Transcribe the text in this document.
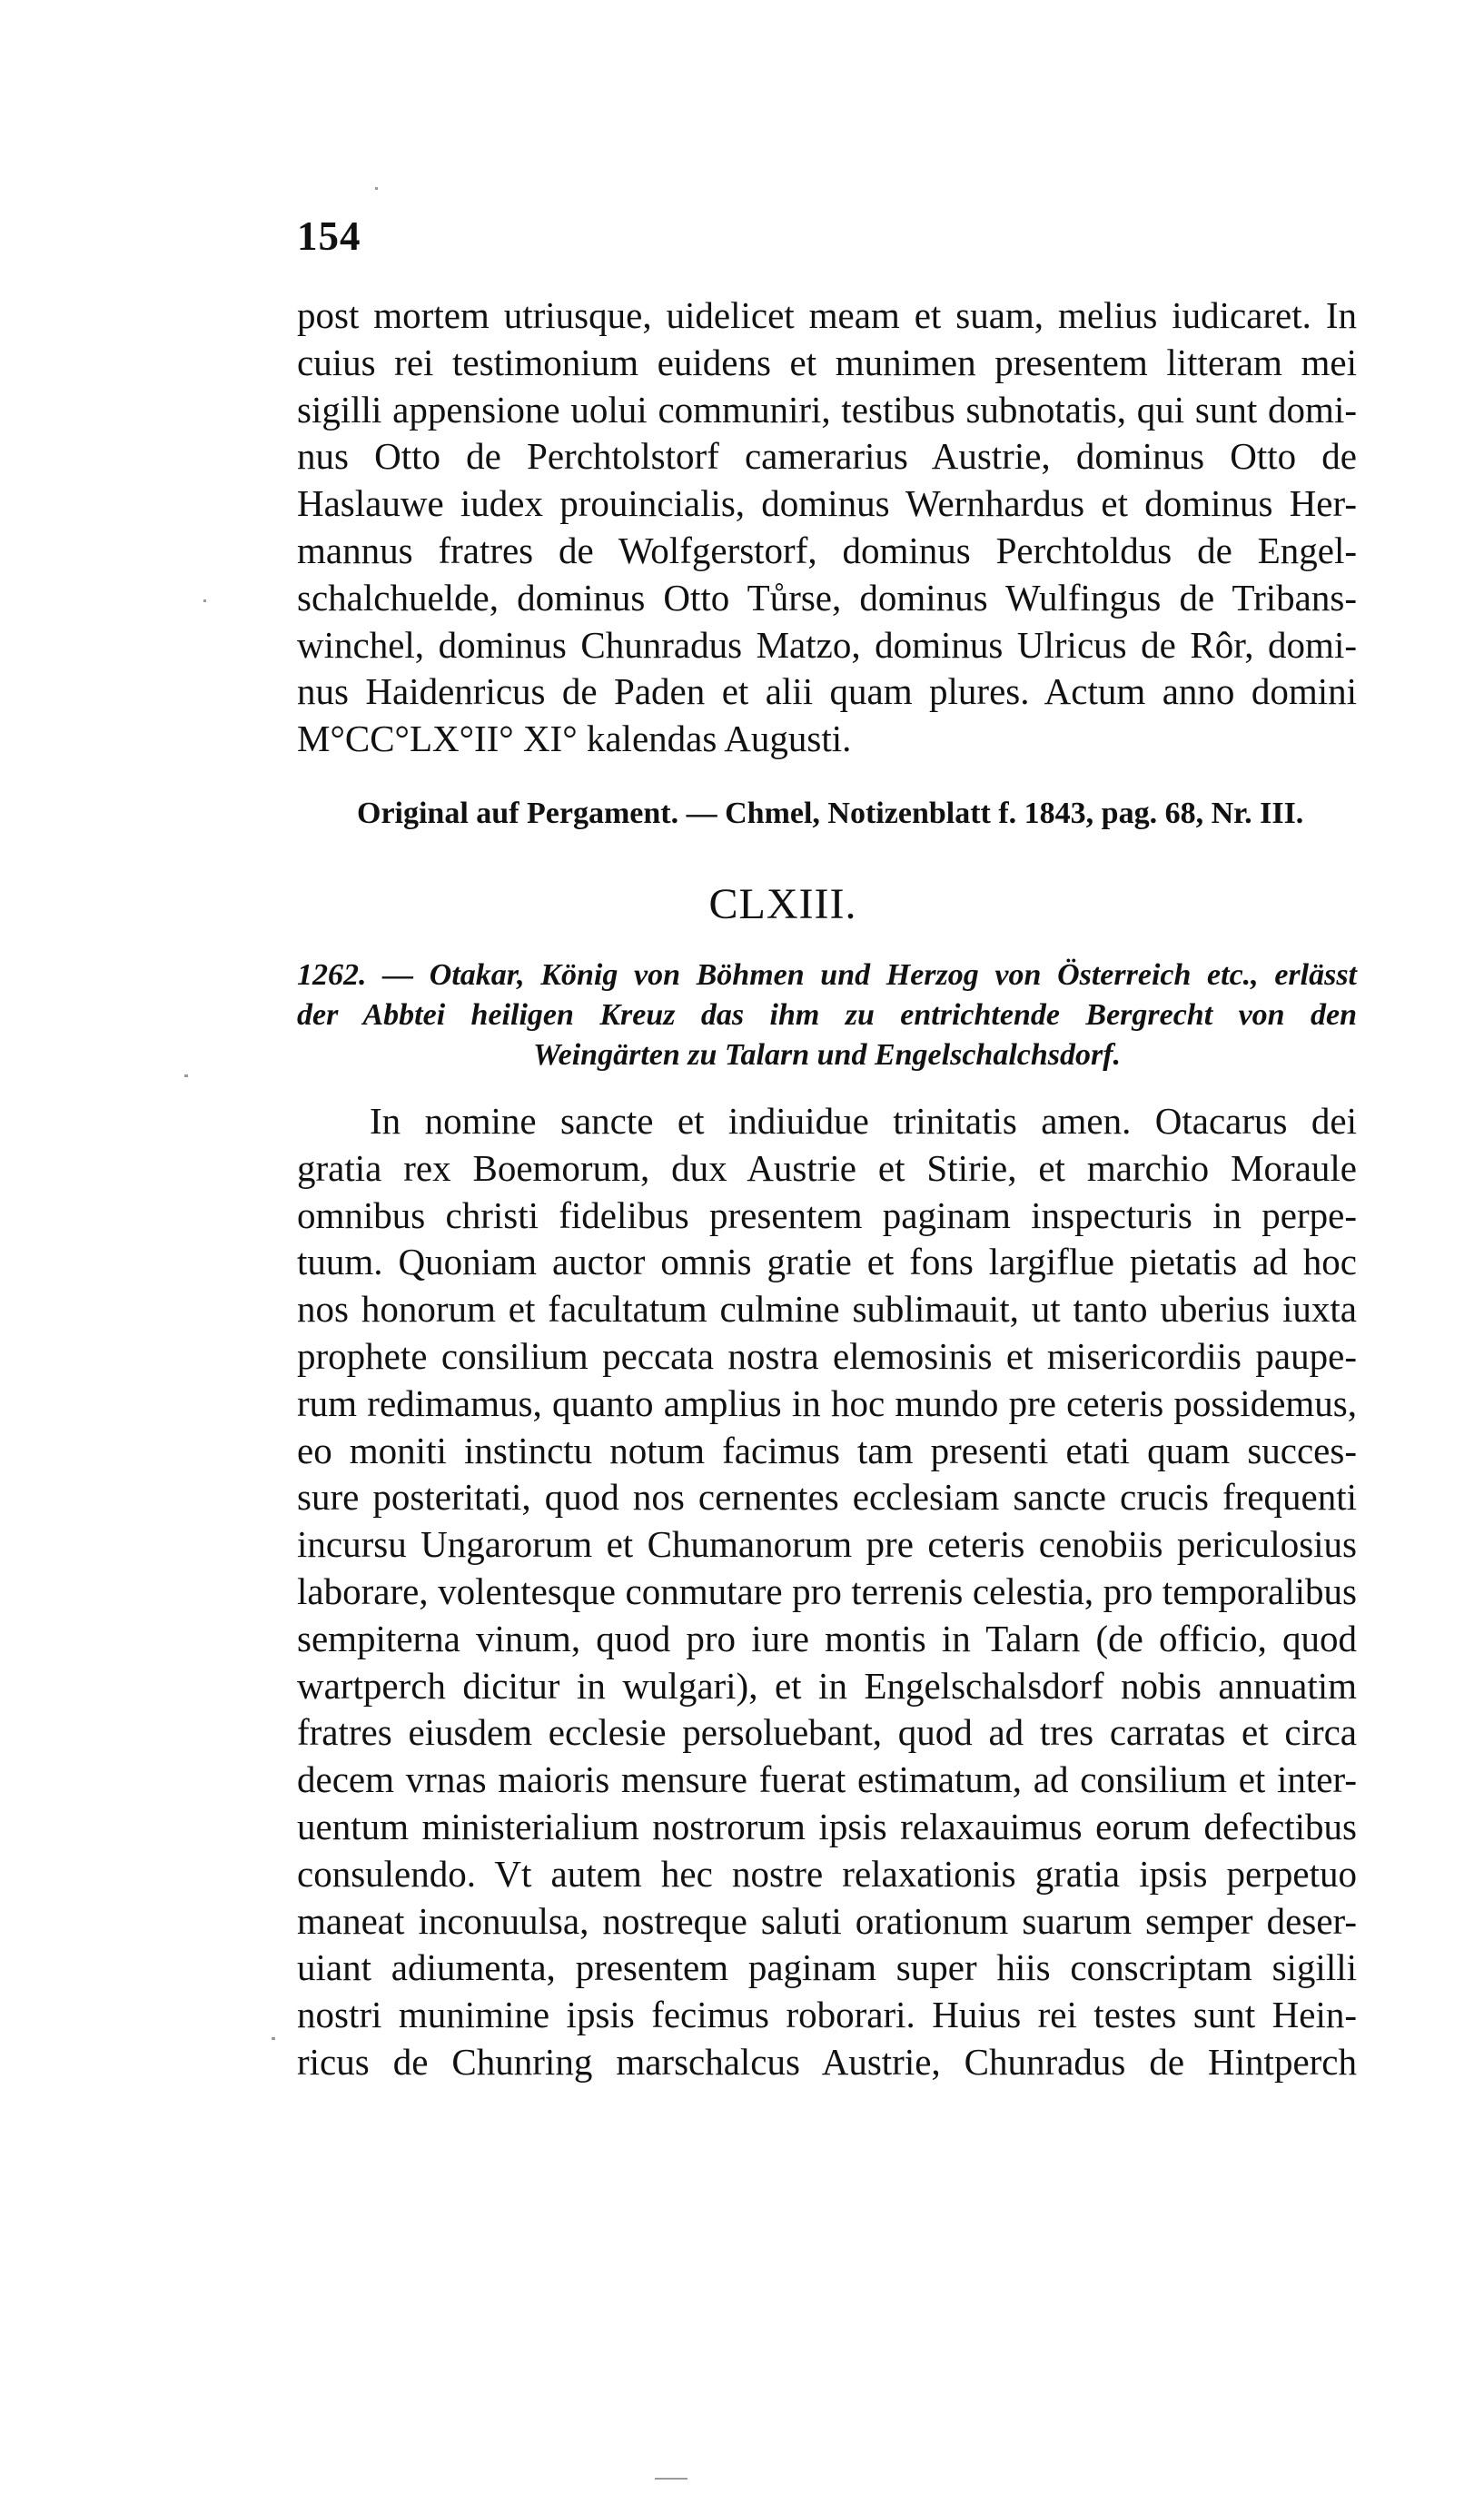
154

post mortem utriusque, uidelicet meam et suam, melius iudicaret. In

cuius rei testimonium euidens et munimen presentem litteram mei

sigilli appensione uolui communiri, testibus subnotatis, qui sunt domi-

nus Otto de Perchtolstorf camerarius Austrie, dominus Otto de

Haslauwe iudex prouincialis, dominus Wernhardus et dominus Her-

mannus fratres de Wolfgerstorf, dominus Perchtoldus de Engel-

schalchuelde, dominus Otto Tůrse, dominus Wulfingus de Tribans-

winchel, dominus Chunradus Matzo, dominus Ulricus de Rôr, domi-

nus Haidenricus de Paden et alii quam plures. Actum anno domini

M°CC°LX°II° XI° kalendas Augusti.

Original auf Pergament. — Chmel, Notizenblatt f. 1843, pag. 68, Nr. III.
CLXIII.

1262. — Otakar, König von Böhmen und Herzog von Österreich etc., erlässt

der Abbtei heiligen Kreuz das ihm zu entrichtende Bergrecht von den

Weingärten zu Talarn und Engelschalchsdorf.

In nomine sancte et indiuidue trinitatis amen. Otacarus dei

gratia rex Boemorum, dux Austrie et Stirie, et marchio Moraule

omnibus christi fidelibus presentem paginam inspecturis in perpe-

tuum. Quoniam auctor omnis gratie et fons largiflue pietatis ad hoc

nos honorum et facultatum culmine sublimauit, ut tanto uberius iuxta

prophete consilium peccata nostra elemosinis et misericordiis paupe-

rum redimamus, quanto amplius in hoc mundo pre ceteris possidemus,

eo moniti instinctu notum facimus tam presenti etati quam succes-

sure posteritati, quod nos cernentes ecclesiam sancte crucis frequenti

incursu Ungarorum et Chumanorum pre ceteris cenobiis periculosius

laborare, volentesque conmutare pro terrenis celestia, pro temporalibus

sempiterna vinum, quod pro iure montis in Talarn (de officio, quod

wartperch dicitur in wulgari), et in Engelschalsdorf nobis annuatim

fratres eiusdem ecclesie persoluebant, quod ad tres carratas et circa

decem vrnas maioris mensure fuerat estimatum, ad consilium et inter-

uentum ministerialium nostrorum ipsis relaxauimus eorum defectibus

consulendo. Vt autem hec nostre relaxationis gratia ipsis perpetuo

maneat inconuulsa, nostreque saluti orationum suarum semper deser-

uiant adiumenta, presentem paginam super hiis conscriptam sigilli

nostri munimine ipsis fecimus roborari. Huius rei testes sunt Hein-

ricus de Chunring marschalcus Austrie, Chunradus de Hintperch
